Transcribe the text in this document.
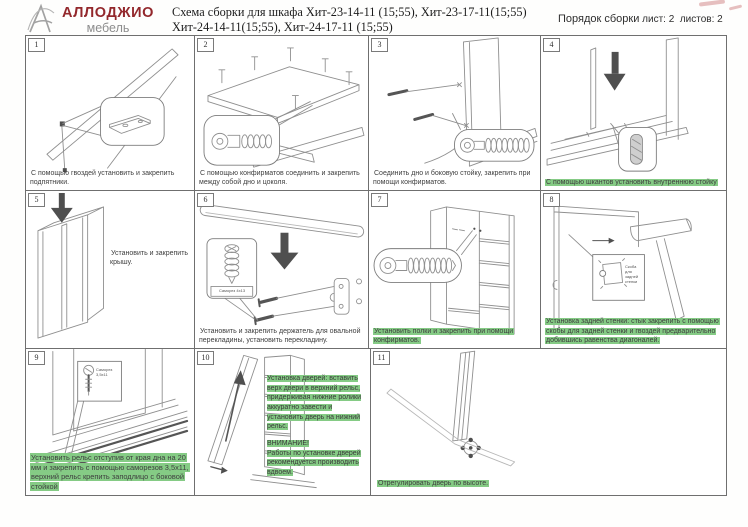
АЛЛОДЖИО
мебель
Схема сборки для шкафа Хит-23-14-11 (15;55), Хит-23-17-11(15;55)
Хит-24-14-11(15;55), Хит-24-17-11 (15;55)
Порядок сборки лист: 2 листов: 2
1
С помощью гвоздей установить и закрепить подпятники.
2
С помощью конфирматов соединить и закрепить между собой дно и цоколя.
3
Соединить дно и боковую стойку, закрепить при помощи конфирматов.
4
С помощью шкантов установить внутреннюю стойку
5
Установить и закрепить крышу.
6
Саморез 4х13
Установить и закрепить держатель для овальной перекладины, установить перекладину.
7
Установить полки и закрепить при помощи конфирматов.
8
Скоба для задней стенки
Установка задней стенки: стык закрепить с помощью скобы для задней стенки и гвоздей предварительно добившись равенства диагоналей.
9
Саморез 3,5х11
Установить рельс отступив от края дна на 20 мм и закрепить с помощью саморезов 3,5х11, верхний рельс крепить заподлицо с боковой стойкой
10

Установка дверей: вставить верх двери в верхний рельс, придерживая нижние ролики аккуратно завести и установить дверь на нижний рельс.

ВНИМАНИЕ!
Работы по установке дверей рекомендуется производить вдвоем.

11
Отрегулировать дверь по высоте.
